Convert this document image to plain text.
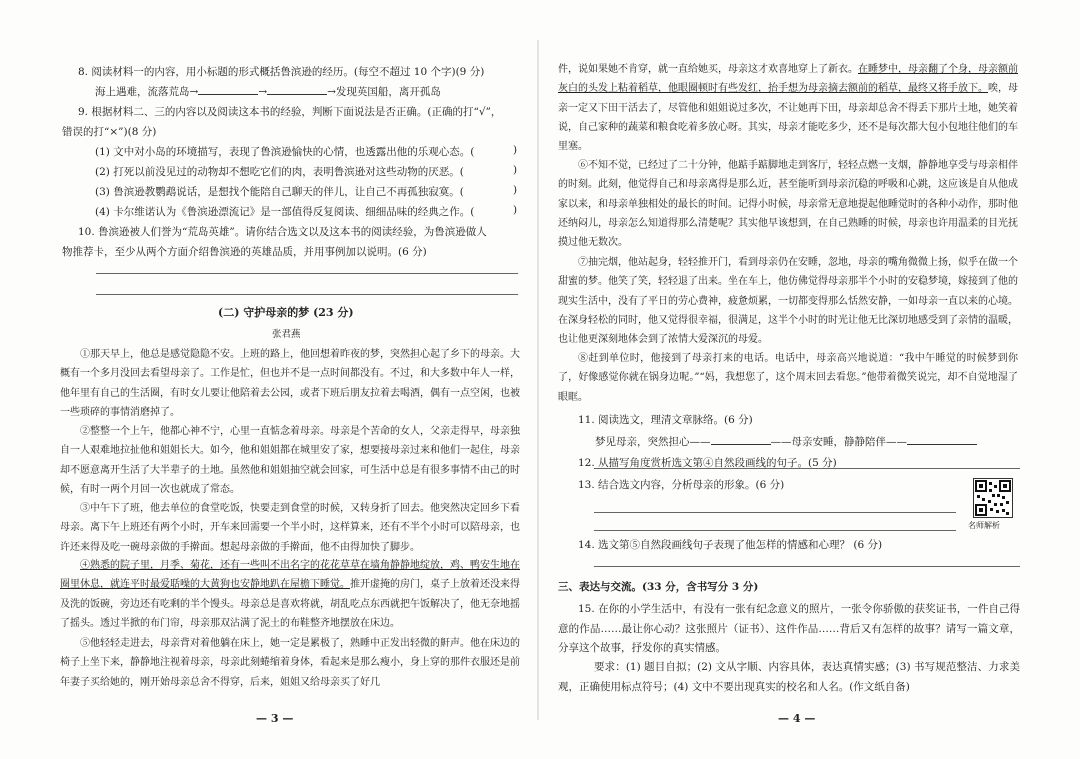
8. 阅读材料一的内容，用小标题的形式概括鲁滨逊的经历。(每空不超过 10 个字)(9 分)
海上遇难，流落荒岛→	→	→发现英国船，离开孤岛
9. 根据材料二、三的内容以及阅读这本书的经验，判断下面说法是否正确。(正确的打“√”，
错误的打“×”)(8 分)
(1) 文中对小岛的环境描写，表现了鲁滨逊愉快的心情，也透露出他的乐观心态。(	)
(2) 打死以前没见过的动物却不想吃它们的肉，表明鲁滨逊对这些动物的厌恶。(	)
(3) 鲁滨逊教鹦鹉说话，是想找个能陪自己聊天的伴儿，让自己不再孤独寂寞。(	)
(4) 卡尔维诺认为《鲁滨逊漂流记》是一部值得反复阅读、细细品味的经典之作。(	)
10. 鲁滨逊被人们誉为“荒岛英雄”。请你结合选文以及这本书的阅读经验，为鲁滨逊做人
物推荐卡，至少从两个方面介绍鲁滨逊的英雄品质，并用事例加以说明。(6 分)
(二) 守护母亲的梦 (23 分)
张君燕
①那天早上，他总是感觉隐隐不安。上班的路上，他回想着昨夜的梦，突然担心起了乡下的母亲。大概有一个多月没回去看望母亲了。工作是忙，但也并不是一点时间都没有。不过，和大多数中年人一样，他年里有自己的生活圈，有时女儿要让他陪着去公园，或者下班后朋友拉着去喝酒，偶有一点空闲，也被一些琐碎的事情消磨掉了。
②整整一个上午，他都心神不宁，心里一直惦念着母亲。母亲是个苦命的女人，父亲走得早，母亲独自一人艰难地拉扯他和姐姐长大。如今，他和姐姐都在城里安了家，想要接母亲过来和他们一起住，母亲却不愿意离开生活了大半辈子的土地。虽然他和姐姐抽空就会回家，可生活中总是有很多事情不由己的时候，有时一两个月回一次也就成了常态。
③中午下了班，他去单位的食堂吃饭，快要走到食堂的时候，又转身折了回去。他突然决定回乡下看母亲。离下午上班还有两个小时，开车来回需要一个半小时，这样算来，还有不半个小时可以陪母亲，也许还来得及吃一碗母亲做的手擀面。想起母亲做的手擀面，他不由得加快了脚步。
④熟悉的院子里，月季、菊花，还有一些叫不出名字的花花草草在墙角静静地绽放，鸡、鸭安生地在圈里休息，就连平时最爱聒噪的大黄狗也安静地趴在屋檐下睡觉。推开虚掩的房门，桌子上放着还没来得及洗的饭碗，旁边还有吃剩的半个馒头。母亲总是喜欢将就，胡乱吃点东西就把午饭解决了，他无奈地摇了摇头。透过半掀的布门帘，母亲那双沾满了泥土的布鞋整齐地摆放在床边。
⑤他轻轻走进去，母亲背对着他躺在床上，她一定是累极了，熟睡中正发出轻微的鼾声。他在床边的椅子上坐下来，静静地注视着母亲，母亲此刻蜷缩着身体，看起来是那么瘦小，身上穿的那件衣服还是前年妻子买给她的，刚开始母亲总舍不得穿，后来，姐姐又给母亲买了好几
— 3 —
件，说如果她不肯穿，就一直给她买，母亲这才欢喜地穿上了新衣。在睡梦中，母亲翻了个身，母亲额前灰白的头发上粘着稻草，他眼圈顿时有些发红，抬手想为母亲摘去额前的稻草，最终又将手放下。唉，母亲一定又下田干活去了，尽管他和姐姐说过多次，不让她再下田，母亲却总舍不得丢下那片土地，她笑着说，自己家种的蔬菜和粮食吃着多放心呀。其实，母亲才能吃多少，还不是每次都大包小包地往他们的车里塞。
⑥不知不觉，已经过了二十分钟，他踮手踮脚地走到客厅，轻轻点燃一支烟，静静地享受与母亲相伴的时刻。此刻，他觉得自己和母亲离得是那么近，甚至能听到母亲沉稳的呼吸和心跳，这应该是自从他成家以来，和母亲单独相处的最长的时间。记得小时候，母亲常无意地提起他睡觉时的各种小动作，那时他还纳闷儿，母亲怎么知道得那么清楚呢？其实他早该想到，在自己熟睡的时候，母亲也许用温柔的目光抚摸过他无数次。
⑦抽完烟，他站起身，轻轻推开门，看到母亲仍在安睡，忽地，母亲的嘴角微微上扬，似乎在做一个甜蜜的梦。他笑了笑，轻轻退了出来。坐在车上，他仿佛觉得母亲那半个小时的安稳梦境，嫁接到了他的现实生活中，没有了平日的劳心费神，疲惫烦累，一切都变得那么恬然安静，一如母亲一直以来的心境。在深身轻松的同时，他又觉得很幸福，很满足，这半个小时的时光让他无比深切地感受到了亲情的温暖，也让他更深刻地体会到了浓情大爱深沉的母爱。
⑧赶到单位时，他接到了母亲打来的电话。电话中，母亲高兴地说道：“我中午睡觉的时候梦到你了，好像感觉你就在锅身边呢。”“妈，我想您了，这个周末回去看您。”他带着微笑说完，却不自觉地湿了眼眶。
11. 阅读选文，理清文章脉络。(6 分)
梦见母亲，突然担心——	——母亲安睡，静静陪伴——
12. 从描写角度赏析选文第④自然段画线的句子。(5 分)
13. 结合选文内容，分析母亲的形象。(6 分)
14. 选文第⑤自然段画线句子表现了他怎样的情感和心理？ (6 分)
三、表达与交流。(33 分，含书写分 3 分)
15. 在你的小学生活中，有没有一张有纪念意义的照片，一张令你骄傲的获奖证书，一件自己得意的作品……最让你心动？这张照片（证书）、这件作品……背后又有怎样的故事？请写一篇文章，分享这个故事，抒发你的真实情感。
要求：(1) 题目自拟；(2) 文从字顺、内容具体，表达真情实感；(3) 书写规范整洁、力求美观，正确使用标点符号；(4) 文中不要出现真实的校名和人名。(作文纸自备)
— 4 —
名师解析
